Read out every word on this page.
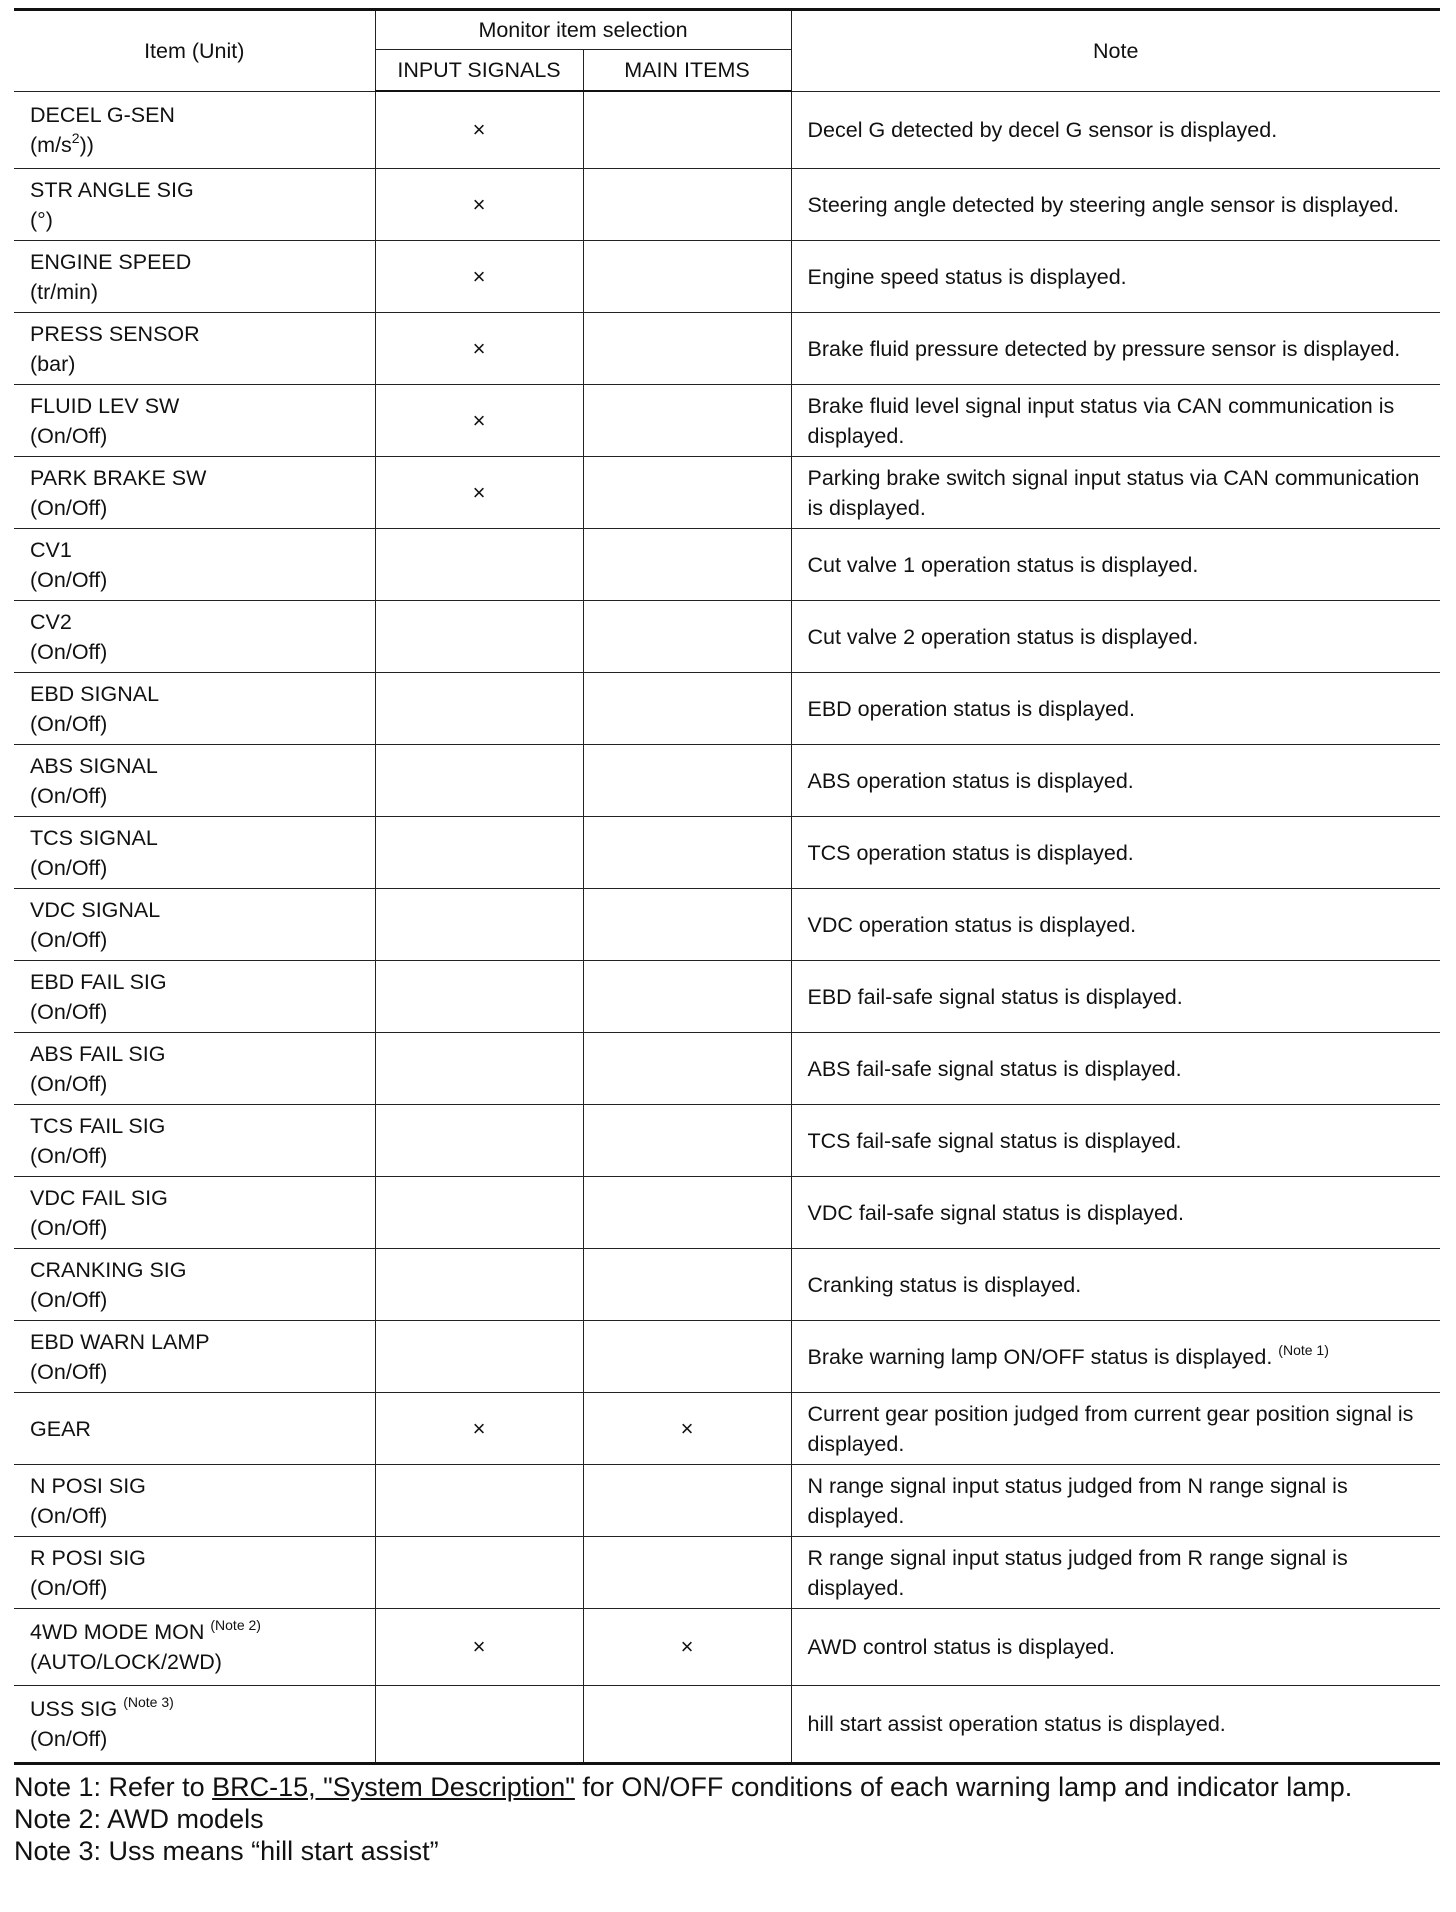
Item (Unit)	Monitor item selection		Note
	INPUT SIGNALS	MAIN ITEMS	

DECEL G-SEN
$(m/s^2)$)	×		Decel G detected by decel G sensor is displayed.

STR ANGLE SIG
(°)	×		Steering angle detected by steering angle sensor is displayed.

ENGINE SPEED
(tr/min)	×		Engine speed status is displayed.

PRESS SENSOR
(bar)	×		Brake fluid pressure detected by pressure sensor is displayed.

FLUID LEV SW
(On/Off)	×		Brake fluid level signal input status via CAN communication is displayed.

PARK BRAKE SW
(On/Off)	×		Parking brake switch signal input status via CAN communication is displayed.

CV1
(On/Off)			Cut valve 1 operation status is displayed.

CV2
(On/Off)			Cut valve 2 operation status is displayed.

EBD SIGNAL
(On/Off)			EBD operation status is displayed.

ABS SIGNAL
(On/Off)			ABS operation status is displayed.

TCS SIGNAL
(On/Off)			TCS operation status is displayed.

VDC SIGNAL
(On/Off)			VDC operation status is displayed.

EBD FAIL SIG
(On/Off)			EBD fail-safe signal status is displayed.

ABS FAIL SIG
(On/Off)			ABS fail-safe signal status is displayed.

TCS FAIL SIG
(On/Off)			TCS fail-safe signal status is displayed.

VDC FAIL SIG
(On/Off)			VDC fail-safe signal status is displayed.

CRANKING SIG
(On/Off)			Cranking status is displayed.

EBD WARN LAMP
(On/Off)			Brake warning lamp ON/OFF status is displayed. $^{(Note 1)}$

GEAR	×	×	Current gear position judged from current gear position signal is displayed.

N POSI SIG
(On/Off)			N range signal input status judged from N range signal is displayed.

R POSI SIG
(On/Off)			R range signal input status judged from R range signal is displayed.

4WD MODE MON $^{(Note 2)}$
(AUTO/LOCK/2WD)	×	×	AWD control status is displayed.

USS SIG $^{(Note 3)}$
(On/Off)			hill start assist operation status is displayed.
Note 1: Refer to BRC-15, "System Description" for ON/OFF conditions of each warning lamp and indicator lamp.
Note 2: AWD models
Note 3: Uss means “hill start assist”
